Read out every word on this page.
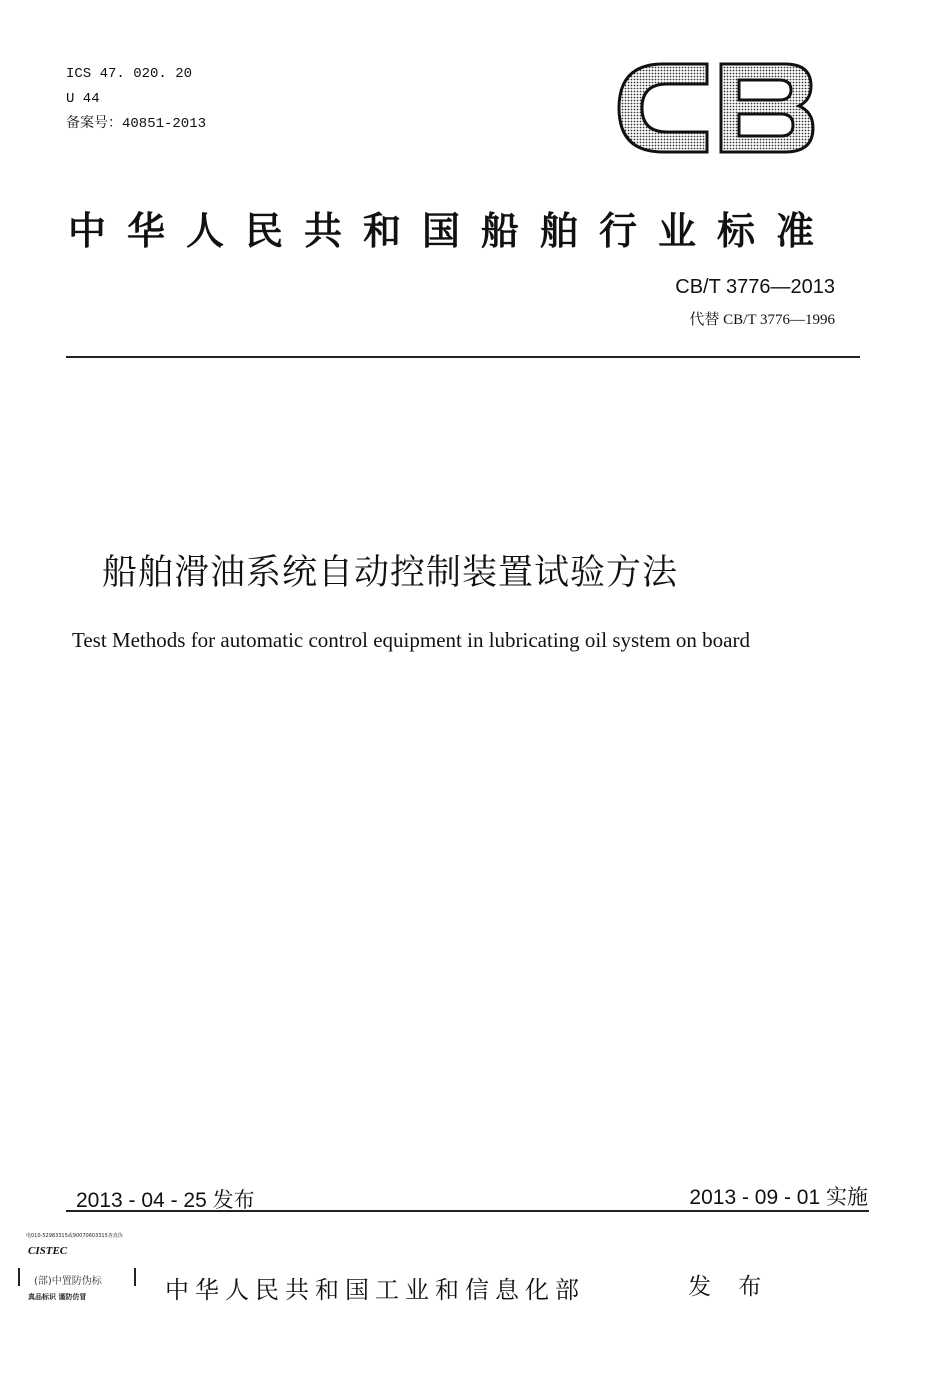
ICS 47. 020. 20
U 44
备案号：40851-2013
中华人民共和国船舶行业标准
CB/T 3776—2013
代替 CB/T 3776—1996
船舶滑油系统自动控制装置试验方法
Test Methods for automatic control equipment in lubricating oil system on board
2013 - 04 - 25 发布	2013 - 09 - 01 实施
电010-52983315或90070603315查真伪
CISTEC
(部)中置防伪标
真品标识 谨防仿冒	中华人民共和国工业和信息化部	发 布
